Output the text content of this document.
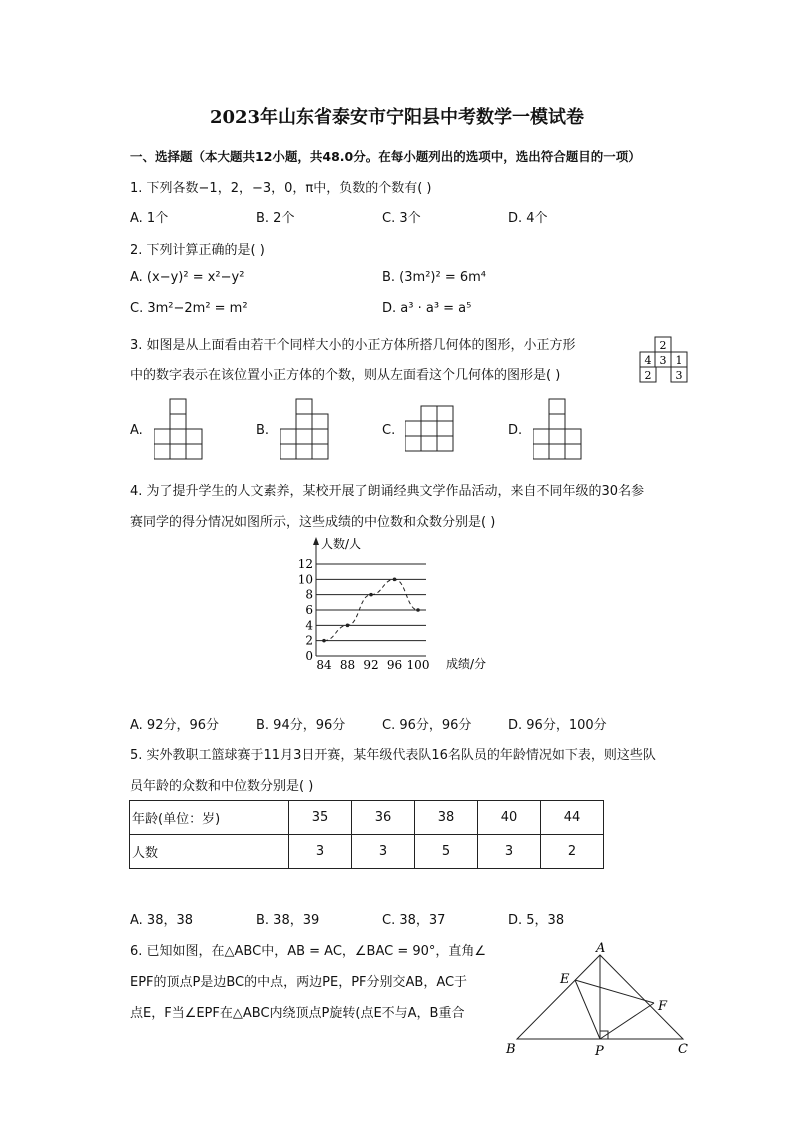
2023年山东省泰安市宁阳县中考数学一模试卷
一、选择题（本大题共12小题，共48.0分。在每小题列出的选项中，选出符合题目的一项）
1. 下列各数−1，2，−3，0，π中，负数的个数有( )
A. 1个	B. 2个	C. 3个	D. 4个
2. 下列计算正确的是( )
A. (x−y)² = x²−y²	B. (3m²)² = 6m⁴
C. 3m²−2m² = m²	D. a³ · a³ = a⁵
3. 如图是从上面看由若干个同样大小的小正方体所搭几何体的图形，小正方形
中的数字表示在该位置小正方体的个数，则从左面看这个几何体的图形是( )
2
4 3 1
2 3
A.	B.	C.	D.
4. 为了提升学生的人文素养，某校开展了朗诵经典文学作品活动，来自不同年级的30名参
赛同学的得分情况如图所示，这些成绩的中位数和众数分别是( )
人数/人
成绩/分
0
2
4
6
8
10
12
84 88 92 96 100
A. 92分，96分	B. 94分，96分	C. 96分，96分	D. 96分，100分
5. 实外教职工篮球赛于11月3日开赛，某年级代表队16名队员的年龄情况如下表，则这些队
员年龄的众数和中位数分别是( )
年龄(单位：岁)	35	36	38	40	44
人数	3	3	5	3	2
A. 38，38	B. 38，39	C. 38，37	D. 5，38
6. 已知如图，在△ABC中，AB = AC，∠BAC = 90°，直角∠
EPF的顶点P是边BC的中点，两边PE，PF分别交AB，AC于
点E，F当∠EPF在△ABC内绕顶点P旋转(点E不与A，B重合
A
E
F
B	P	C
